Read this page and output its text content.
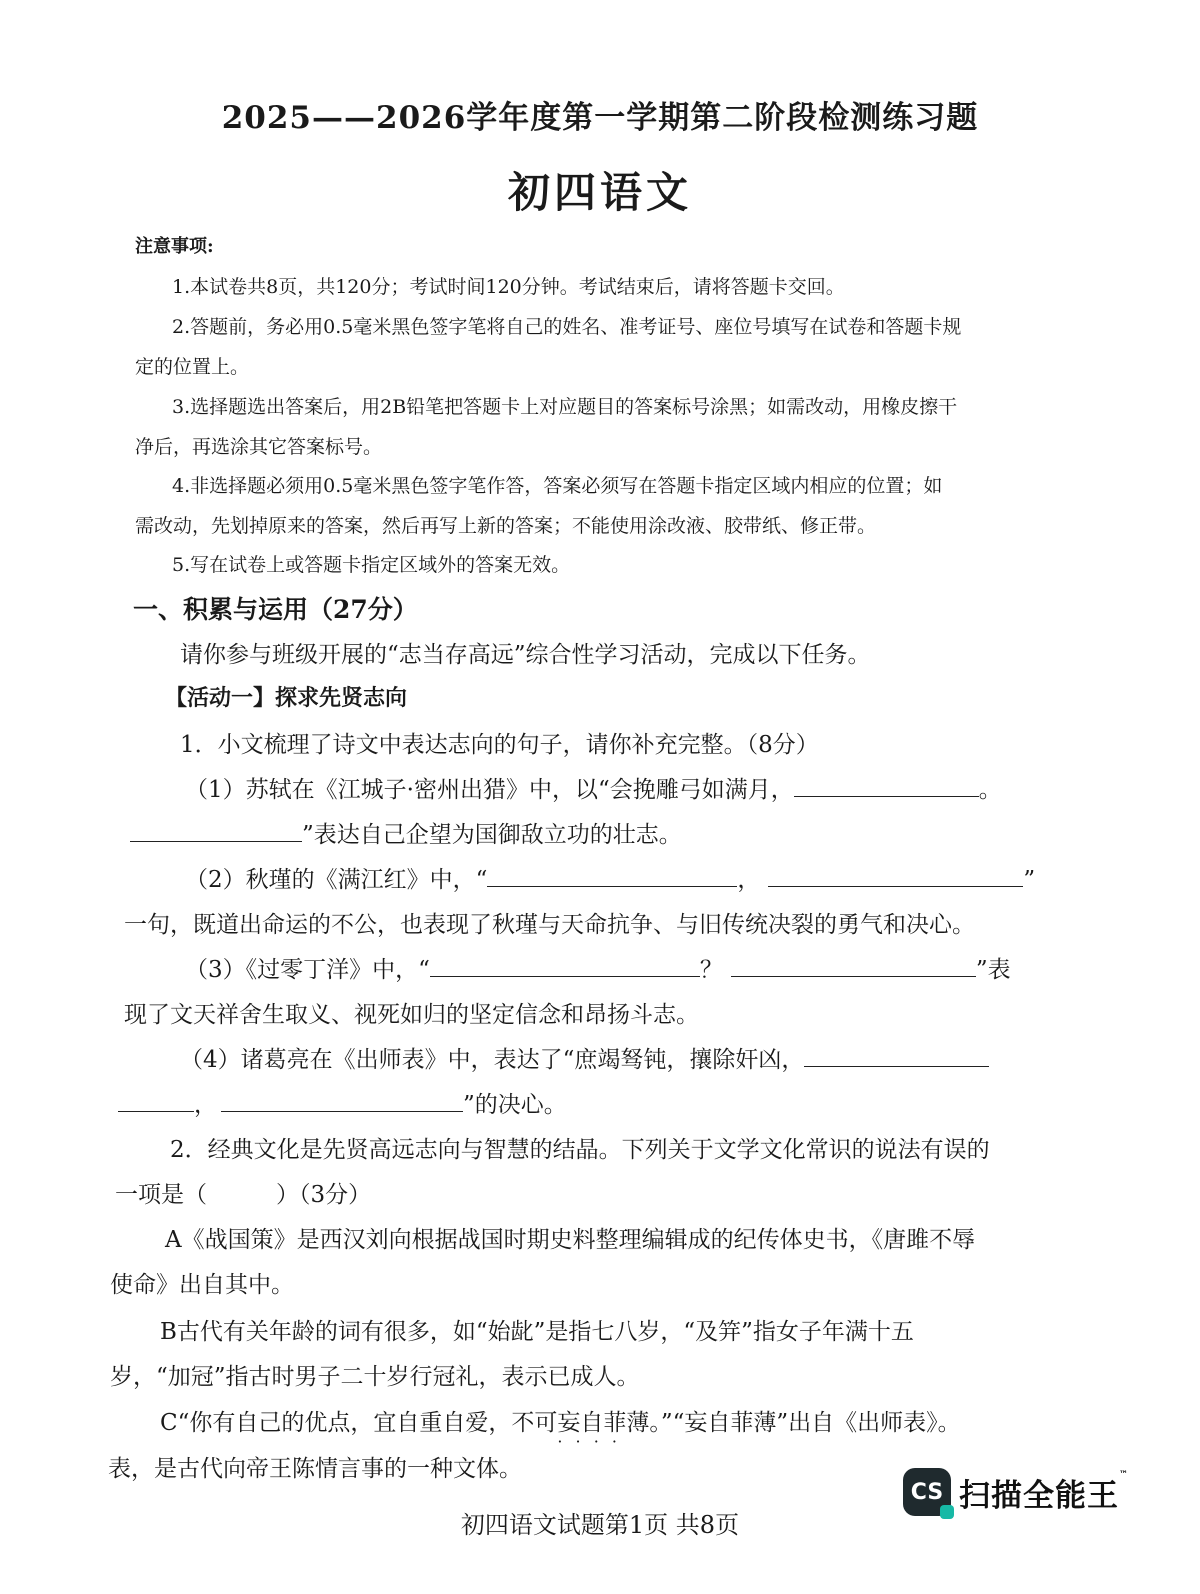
2025——2026学年度第一学期第二阶段检测练习题
初四语文
注意事项:
1.本试卷共8页，共120分；考试时间120分钟。考试结束后，请将答题卡交回。
2.答题前，务必用0.5毫米黑色签字笔将自己的姓名、准考证号、座位号填写在试卷和答题卡规
定的位置上。
3.选择题选出答案后，用2B铅笔把答题卡上对应题目的答案标号涂黑；如需改动，用橡皮擦干
净后，再选涂其它答案标号。
4.非选择题必须用0.5毫米黑色签字笔作答，答案必须写在答题卡指定区域内相应的位置；如
需改动，先划掉原来的答案，然后再写上新的答案；不能使用涂改液、胶带纸、修正带。
5.写在试卷上或答题卡指定区域外的答案无效。
一、积累与运用（27分）
请你参与班级开展的“志当存高远”综合性学习活动，完成以下任务。
【活动一】探求先贤志向
1．小文梳理了诗文中表达志向的句子，请你补充完整。（8分）
（1）苏轼在《江城子·密州出猎》中，以“会挽雕弓如满月，	。
”表达自己企望为国御敌立功的壮志。
（2）秋瑾的《满江红》中，“	，	”
一句，既道出命运的不公，也表现了秋瑾与天命抗争、与旧传统决裂的勇气和决心。
（3）《过零丁洋》中，“	？	”表
现了文天祥舍生取义、视死如归的坚定信念和昂扬斗志。
（4）诸葛亮在《出师表》中，表达了“庶竭驽钝，攘除奸凶，
，	”的决心。
2．经典文化是先贤高远志向与智慧的结晶。下列关于文学文化常识的说法有误的
一项是（　　　）（3分）
A《战国策》是西汉刘向根据战国时期史料整理编辑成的纪传体史书，《唐雎不辱
使命》出自其中。
B古代有关年龄的词有很多，如“始龀”是指七八岁，“及笄”指女子年满十五
岁，“加冠”指古时男子二十岁行冠礼，表示已成人。
C“你有自己的优点，宜自重自爱，不可妄自菲薄 · · · ·。”“妄自菲薄”出自《出师表》。
表，是古代向帝王陈情言事的一种文体。
CS 扫描全能王™
初四语文试题第1页 共8页
